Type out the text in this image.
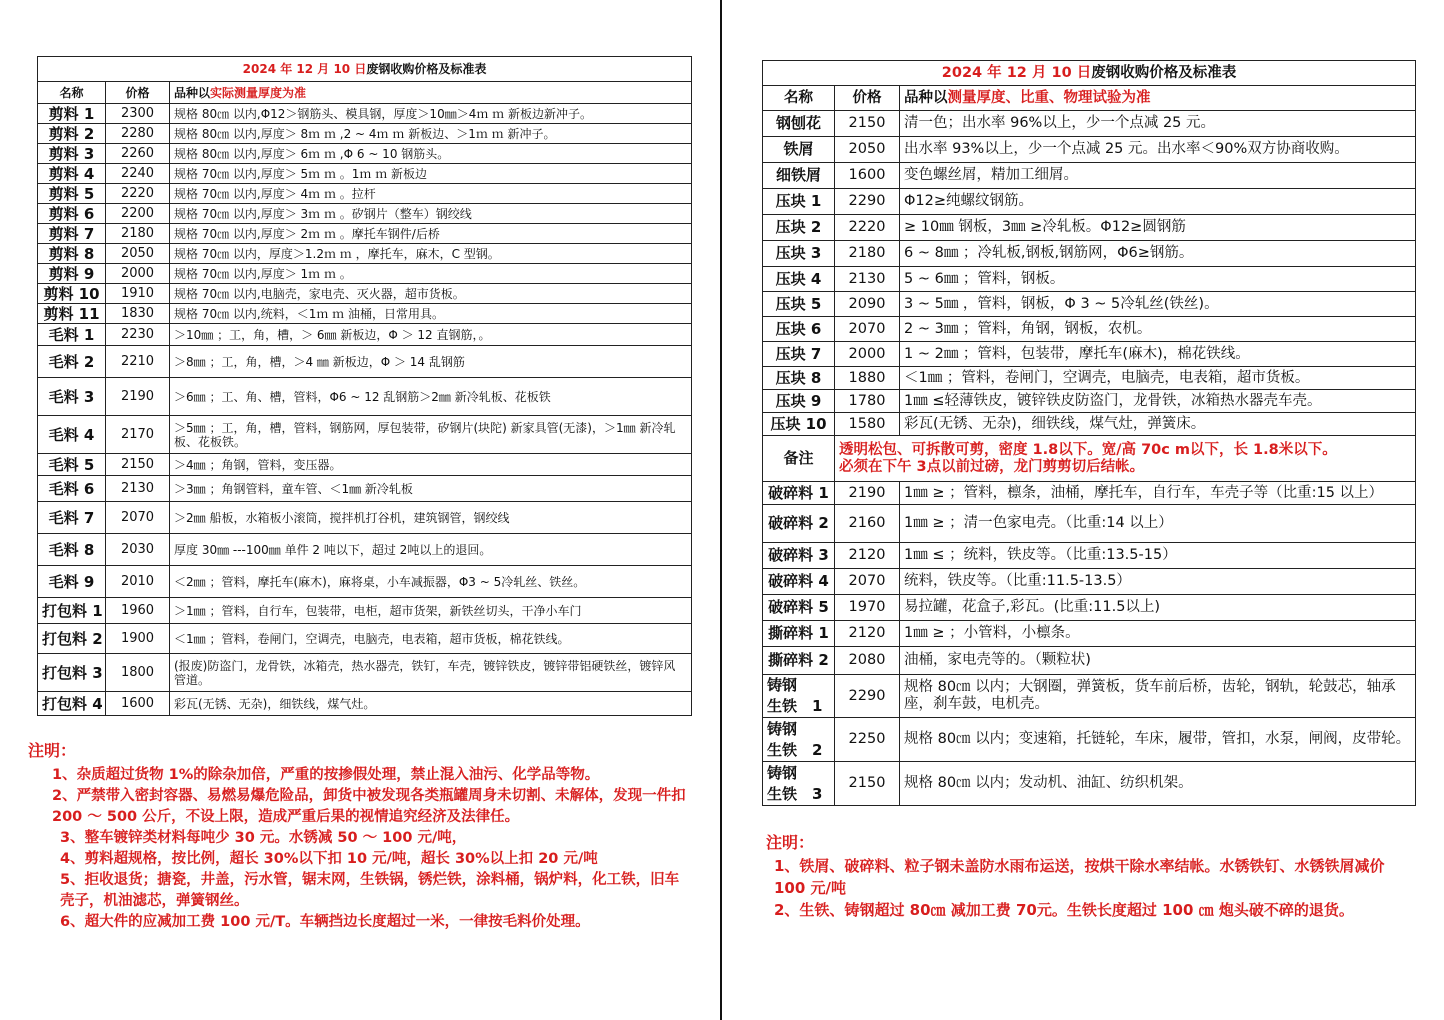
2024 年 12 月 10 日废钢收购价格及标准表		
名称	价格	品种以实际测量厚度为准
剪料 1	2300	规格 80㎝ 以内,Φ12＞钢筋头、模具钢，厚度＞10㎜＞4ｍ ｍ 新板边新冲子。
剪料 2	2280	规格 80㎝ 以内,厚度＞ 8ｍ ｍ ,2 ~ 4ｍ ｍ 新板边、＞1ｍ ｍ 新冲子。
剪料 3	2260	规格 80㎝ 以内,厚度＞ 6ｍ ｍ ,Φ 6 ~ 10 钢筋头。
剪料 4	2240	规格 70㎝ 以内,厚度＞ 5ｍ ｍ 。1ｍ ｍ 新板边
剪料 5	2220	规格 70㎝ 以内,厚度＞ 4ｍ ｍ 。拉杆
剪料 6	2200	规格 70㎝ 以内,厚度＞ 3ｍ ｍ 。矽钢片（整车）钢绞线
剪料 7	2180	规格 70㎝ 以内,厚度＞ 2ｍ ｍ 。摩托车钢件/后桥
剪料 8	2050	规格 70㎝ 以内，厚度＞1.2ｍ ｍ ，摩托车，麻木，C 型钢。
剪料 9	2000	规格 70㎝ 以内,厚度＞ 1ｍ ｍ 。
剪料 10	1910	规格 70㎝ 以内,电脑壳，家电壳、灭火器，超市货板。
剪料 11	1830	规格 70㎝ 以内,统料，＜1ｍ ｍ 油桶，日常用具。
毛料 1	2230	＞10㎜ ；工，角，槽，＞ 6㎜ 新板边，Φ ＞ 12 直钢筋，。
毛料 2	2210	＞8㎜ ；工，角，槽，＞4 ㎜ 新板边，Φ ＞ 14 乱钢筋
毛料 3	2190	＞6㎜ ；工、角、槽，管料，Φ6 ~ 12 乱钢筋＞2㎜ 新冷轧板、花板铁
毛料 4	2170	＞5㎜ ；工，角，槽，管料，钢筋网，厚包装带，矽钢片(块陀) 新家具管(无漆)，＞1㎜ 新冷轧板、花板铁。
毛料 5	2150	＞4㎜ ；角钢，管料，变压器。
毛料 6	2130	＞3㎜ ；角钢管料，童车管、＜1㎜ 新冷轧板
毛料 7	2070	＞2㎜ 船板，水箱板小滚筒，搅拌机打谷机，建筑钢管，钢绞线
毛料 8	2030	厚度 30㎜ ---100㎜ 单件 2 吨以下，超过 2吨以上的退回。
毛料 9	2010	＜2㎜ ；管料，摩托车(麻木)，麻将桌，小车减振器，Φ3 ~ 5冷轧丝、铁丝。
打包料 1	1960	＞1㎜ ；管料，自行车，包装带，电柜，超市货架，新铁丝切头，干净小车门
打包料 2	1900	＜1㎜ ；管料，卷闸门，空调壳，电脑壳，电表箱，超市货板，棉花铁线。
打包料 3	1800	(报废)防盗门，龙骨铁，冰箱壳，热水器壳，铁钉，车壳，镀锌铁皮，镀锌带铝硬铁丝，镀锌风管道。
打包料 4	1600	彩瓦(无锈、无杂)，细铁线，煤气灶。

注明：

1、杂质超过货物 1%的除杂加倍，严重的按掺假处理，禁止混入油污、化学品等物。

2、严禁带入密封容器、易燃易爆危险品，卸货中被发现各类瓶罐周身未切割、未解体，发现一件扣 200 ～ 500 公斤，不设上限，造成严重后果的视情追究经济及法律任。

3、整车镀锌类材料每吨少 30 元。水锈减 50 ～ 100 元/吨，

4、剪料超规格，按比例，超长 30%以下扣 10 元/吨，超长 30%以上扣 20 元/吨

5、拒收退货；搪瓷，井盖，污水管，锯末网，生铁锅，锈烂铁，涂料桶，锅炉料，化工铁，旧车壳子，机油滤芯，弹簧钢丝。

6、超大件的应减加工费 100 元/T。车辆挡边长度超过一米，一律按毛料价处理。

2024 年 12 月 10 日废钢收购价格及标准表		
名称	价格	品种以测量厚度、比重、物理试验为准
钢刨花	2150	清一色；出水率 96%以上，少一个点减 25 元。
铁屑	2050	出水率 93%以上，少一个点减 25 元。出水率＜90%双方协商收购。
细铁屑	1600	变色螺丝屑，精加工细屑。
压块 1	2290	Φ12≥纯螺纹钢筋。
压块 2	2220	≥ 10㎜ 钢板，3㎜ ≥冷轧板。Φ12≥圆钢筋
压块 3	2180	6 ~ 8㎜ ；冷轧板,钢板,钢筋网，Φ6≥钢筋。
压块 4	2130	5 ~ 6㎜ ；管料，钢板。
压块 5	2090	3 ~ 5㎜ ，管料，钢板，Φ 3 ~ 5冷轧丝(铁丝)。
压块 6	2070	2 ~ 3㎜ ；管料，角钢，钢板，农机。
压块 7	2000	1 ~ 2㎜ ；管料，包装带，摩托车(麻木)，棉花铁线。
压块 8	1880	＜1㎜ ；管料，卷闸门，空调壳，电脑壳，电表箱，超市货板。
压块 9	1780	1㎜ ≤轻薄铁皮，镀锌铁皮防盗门，龙骨铁，冰箱热水器壳车壳。
压块 10	1580	彩瓦(无锈、无杂)，细铁线，煤气灶，弹簧床。
备注	透明松包、可拆散可剪，密度 1.8以下。宽/高 70c m以下，长 1.8米以下。
必须在下午 3点以前过磅，龙门剪剪切后结帐。	

破碎料 1	2190	1㎜ ≥ ；管料，檩条，油桶，摩托车，自行车，车壳子等（比重:15 以上）
破碎料 2	2160	1㎜ ≥ ；清一色家电壳。（比重:14 以上）
破碎料 3	2120	1㎜ ≤ ；统料，铁皮等。（比重:13.5-15）
破碎料 4	2070	统料，铁皮等。（比重:11.5-13.5）
破碎料 5	1970	易拉罐，花盒子,彩瓦。(比重:11.5以上)
撕碎料 1	2120	1㎜ ≥ ；小管料，小檩条。
撕碎料 2	2080	油桶，家电壳等的。（颗粒状)

铸钢
生铁　1	2290	规格 80㎝ 以内；大钢圈，弹簧板，货车前后桥，齿轮，钢轨，轮鼓芯，轴承座，刹车鼓，电机壳。

铸钢
生铁　2	2250	规格 80㎝ 以内；变速箱，托链轮，车床，履带，管扣，水泵，闸阀，皮带轮。

铸钢
生铁　3	2150	规格 80㎝ 以内；发动机、油缸、纺织机架。

注明：

1、铁屑、破碎料、粒子钢未盖防水雨布运送，按烘干除水率结帐。水锈铁钉、水锈铁屑减价 100 元/吨

2、生铁、铸钢超过 80㎝ 减加工费 70元。生铁长度超过 100 ㎝ 炮头破不碎的退货。
